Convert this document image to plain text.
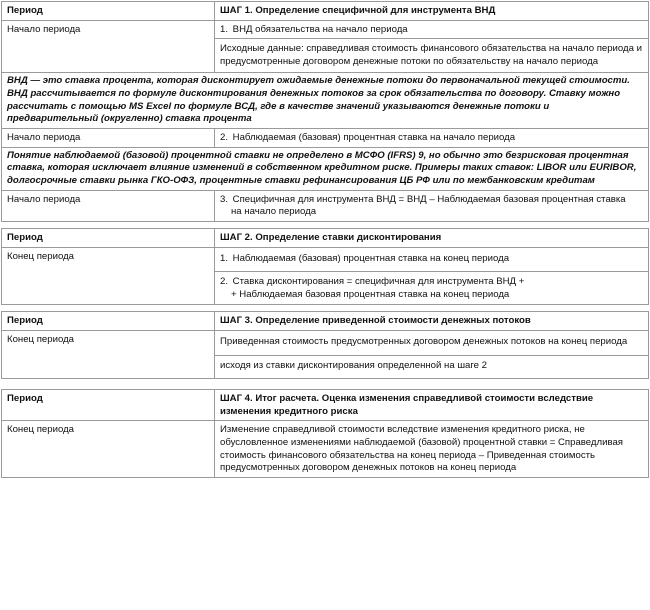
Период	ШАГ 1. Определение специфичной для инструмента ВНД
Начало периода	1. ВНД обязательства на начало периода
	Исходные данные: справедливая стоимость финансового обязательства на начало периода и предусмотренные договором денежные потоки по обязательству на начало периода
ВНД — это ставка процента, которая дисконтирует ожидаемые денежные потоки до первоначальной текущей стоимости. ВНД рассчитывается по формуле дисконтирования денежных потоков за срок обязательства по договору. Ставку можно рассчитать с помощью MS Excel по формуле ВСД, где в качестве значений указываются денежные потоки и предварительный (округленно) ставка процента	
Начало периода	2. Наблюдаемая (базовая) процентная ставка на начало периода
Понятие наблюдаемой (базовой) процентной ставки не определено в МСФО (IFRS) 9, но обычно это безрисковая процентная ставка, которая исключает влияние изменений в собственном кредитном риске. Примеры таких ставок: LIBOR или EURIBOR, долгосрочные ставки рынка ГКО-ОФЗ, процентные ставки рефинансирования ЦБ РФ или по межбанковским кредитам	
Начало периода	3. Специфичная для инструмента ВНД = ВНД – Наблюдаемая базовая процентная ставка
на начало периода

Период	ШАГ 2. Определение ставки дисконтирования
Конец периода	1. Наблюдаемая (базовая) процентная ставка на конец периода
	2. Ставка дисконтирования = специфичная для инструмента ВНД +
+ Наблюдаемая базовая процентная ставка на конец периода

Период	ШАГ 3. Определение приведенной стоимости денежных потоков
Конец периода	Приведенная стоимость предусмотренных договором денежных потоков на конец периода
	исходя из ставки дисконтирования определенной на шаге 2

Период	ШАГ 4. Итог расчета. Оценка изменения справедливой стоимости вследствие изменения кредитного риска
Конец периода	Изменение справедливой стоимости вследствие изменения кредитного риска, не обусловленное изменениями наблюдаемой (базовой) процентной ставки = Справедливая стоимость финансового обязательства на конец периода – Приведенная стоимость предусмотренных договором денежных потоков на конец периода
